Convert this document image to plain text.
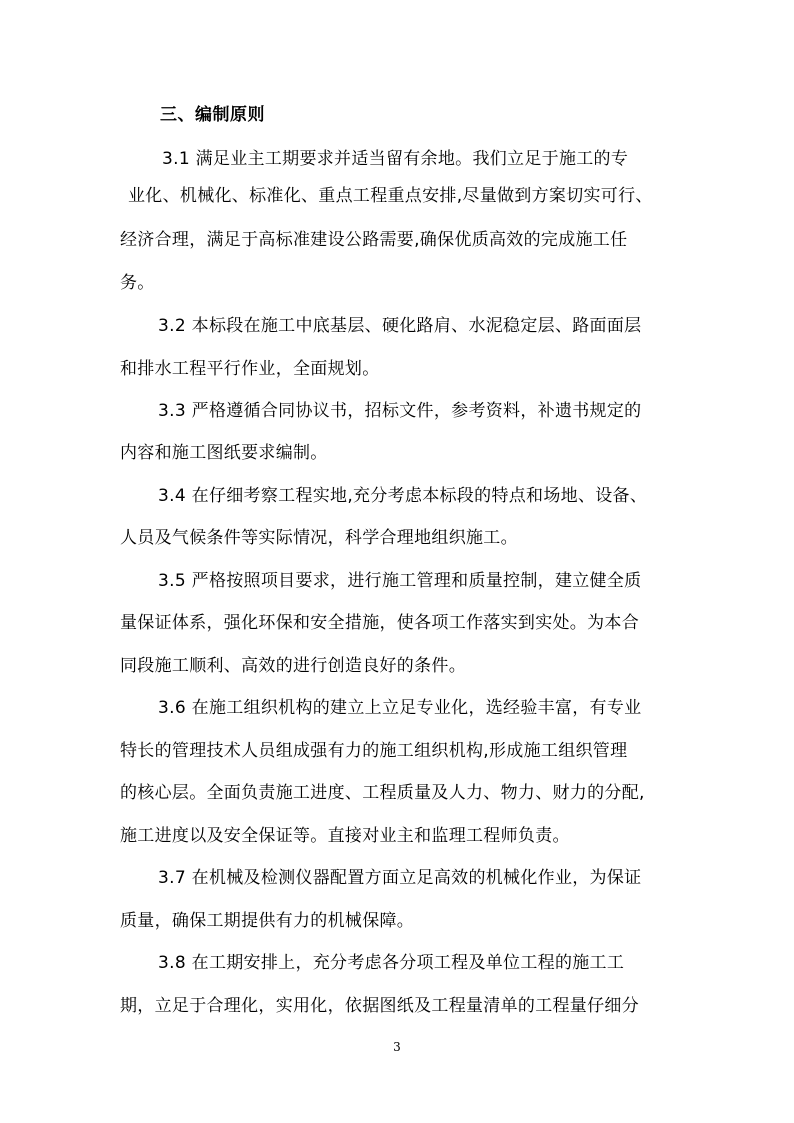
三、编制原则
3.1 满足业主工期要求并适当留有余地。我们立足于施工的专
业化、机械化、标准化、重点工程重点安排,尽量做到方案切实可行、
经济合理，满足于高标准建设公路需要,确保优质高效的完成施工任
务。
3.2 本标段在施工中底基层、硬化路肩、水泥稳定层、路面面层
和排水工程平行作业，全面规划。
3.3 严格遵循合同协议书，招标文件，参考资料，补遗书规定的
内容和施工图纸要求编制。
3.4 在仔细考察工程实地,充分考虑本标段的特点和场地、设备、
人员及气候条件等实际情况，科学合理地组织施工。
3.5 严格按照项目要求，进行施工管理和质量控制，建立健全质
量保证体系，强化环保和安全措施，使各项工作落实到实处。为本合
同段施工顺利、高效的进行创造良好的条件。
3.6 在施工组织机构的建立上立足专业化，选经验丰富，有专业
特长的管理技术人员组成强有力的施工组织机构,形成施工组织管理
的核心层。全面负责施工进度、工程质量及人力、物力、财力的分配,
施工进度以及安全保证等。直接对业主和监理工程师负责。
3.7 在机械及检测仪器配置方面立足高效的机械化作业，为保证
质量，确保工期提供有力的机械保障。
3.8 在工期安排上，充分考虑各分项工程及单位工程的施工工
期，立足于合理化，实用化，依据图纸及工程量清单的工程量仔细分
3
